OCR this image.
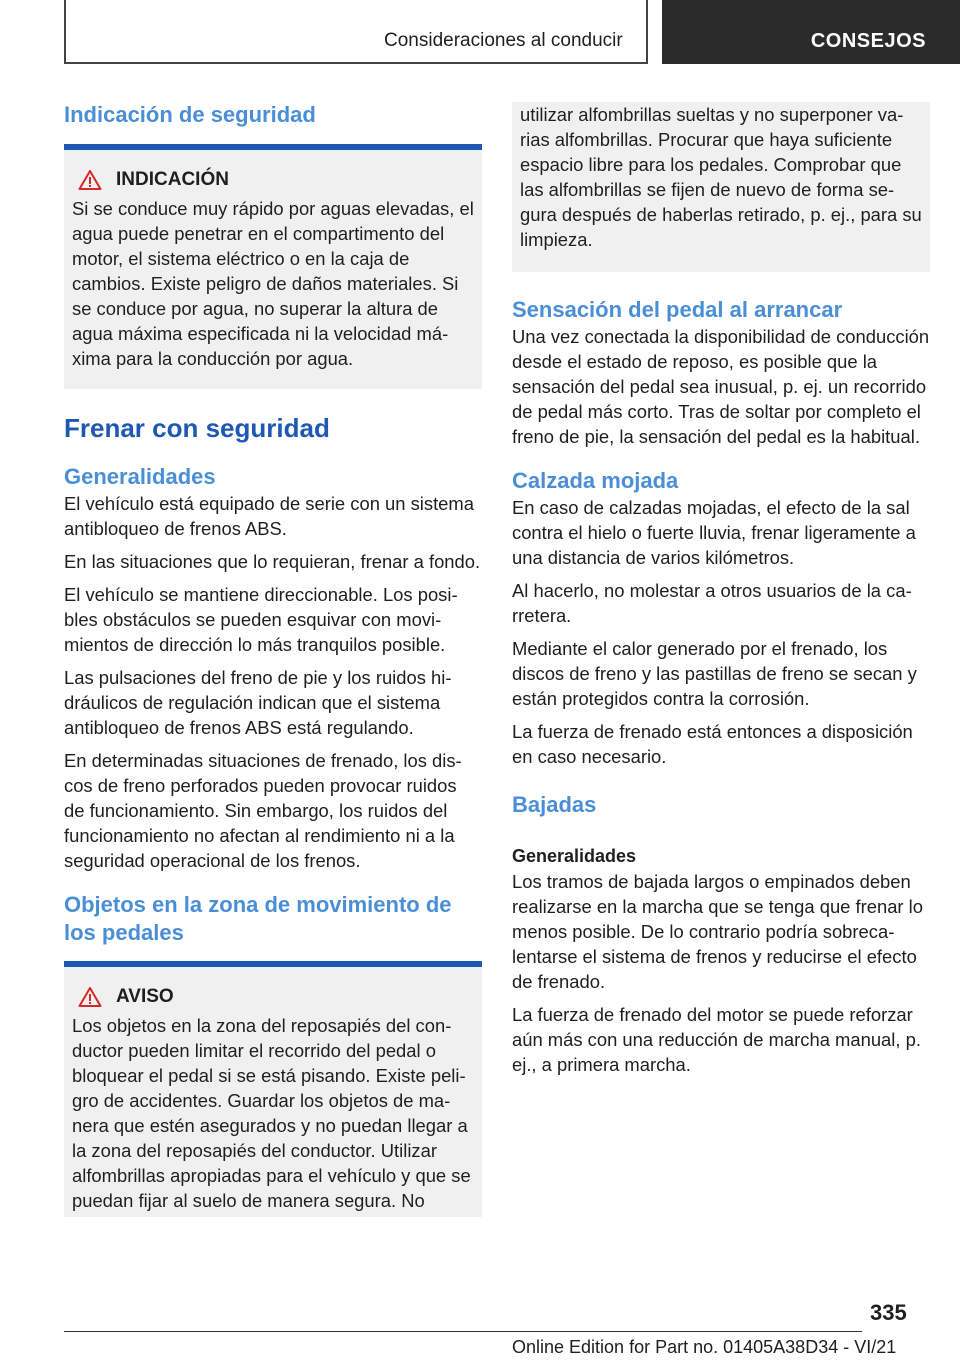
Consideraciones al conducir	CONSEJOS
Indicación de seguridad
INDICACIÓN

Si se conduce muy rápido por aguas elevadas, el agua puede penetrar en el compartimento del motor, el sistema eléctrico o en la caja de cambios. Existe peligro de daños materiales. Si se conduce por agua, no superar la altura de agua máxima especificada ni la velocidad máxima para la conducción por agua.

Frenar con seguridad
Generalidades

El vehículo está equipado de serie con un sistema antibloqueo de frenos ABS.

En las situaciones que lo requieran, frenar a fondo.

El vehículo se mantiene direccionable. Los posibles obstáculos se pueden esquivar con movimientos de dirección lo más tranquilos posible.

Las pulsaciones del freno de pie y los ruidos hidráulicos de regulación indican que el sistema antibloqueo de frenos ABS está regulando.

En determinadas situaciones de frenado, los discos de freno perforados pueden provocar ruidos de funcionamiento. Sin embargo, los ruidos del funcionamiento no afectan al rendimiento ni a la seguridad operacional de los frenos.

Objetos en la zona de movimiento de los pedales
AVISO

Los objetos en la zona del reposapiés del conductor pueden limitar el recorrido del pedal o bloquear el pedal si se está pisando. Existe peligro de accidentes. Guardar los objetos de manera que estén asegurados y no puedan llegar a la zona del reposapiés del conductor. Utilizar alfombrillas apropiadas para el vehículo y que se puedan fijar al suelo de manera segura. No

utilizar alfombrillas sueltas y no superponer varias alfombrillas. Procurar que haya suficiente espacio libre para los pedales. Comprobar que las alfombrillas se fijen de nuevo de forma segura después de haberlas retirado, p. ej., para su limpieza.

Sensación del pedal al arrancar

Una vez conectada la disponibilidad de conducción desde el estado de reposo, es posible que la sensación del pedal sea inusual, p. ej. un recorrido de pedal más corto. Tras de soltar por completo el freno de pie, la sensación del pedal es la habitual.

Calzada mojada

En caso de calzadas mojadas, el efecto de la sal contra el hielo o fuerte lluvia, frenar ligeramente a una distancia de varios kilómetros.

Al hacerlo, no molestar a otros usuarios de la carretera.

Mediante el calor generado por el frenado, los discos de freno y las pastillas de freno se secan y están protegidos contra la corrosión.

La fuerza de frenado está entonces a disposición en caso necesario.

Bajadas
Generalidades

Los tramos de bajada largos o empinados deben realizarse en la marcha que se tenga que frenar lo menos posible. De lo contrario podría sobrecalentarse el sistema de frenos y reducirse el efecto de frenado.

La fuerza de frenado del motor se puede reforzar aún más con una reducción de marcha manual, p. ej., a primera marcha.

335
Online Edition for Part no. 01405A38D34 - VI/21
